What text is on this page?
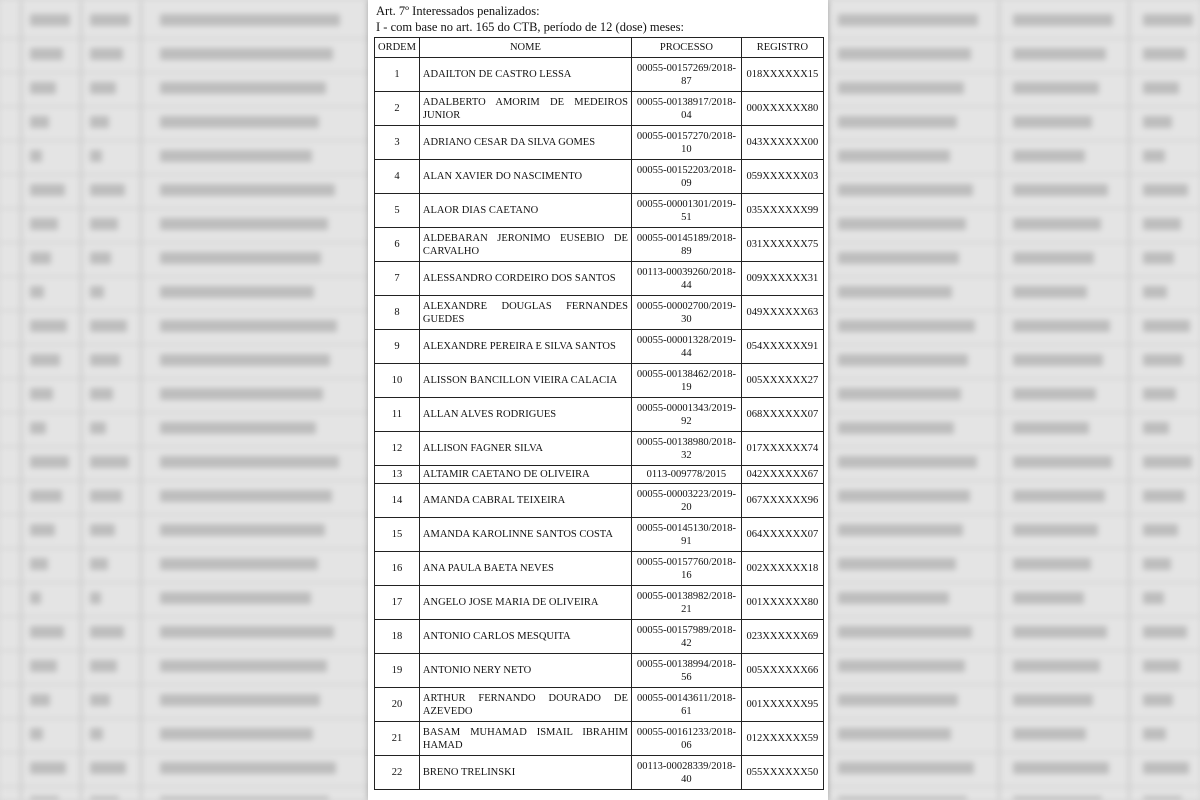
Art. 7º Interessados penalizados:
I - com base no art. 165 do CTB, período de 12 (dose) meses:
ORDEM	NOME	PROCESSO	REGISTRO
1	ADAILTON DE CASTRO LESSA	00055-00157269/2018-87	018XXXXXX15
2	ADALBERTO AMORIM DE MEDEIROS JUNIOR	00055-00138917/2018-04	000XXXXXX80
3	ADRIANO CESAR DA SILVA GOMES	00055-00157270/2018-10	043XXXXXX00
4	ALAN XAVIER DO NASCIMENTO	00055-00152203/2018-09	059XXXXXX03
5	ALAOR DIAS CAETANO	00055-00001301/2019-51	035XXXXXX99
6	ALDEBARAN JERONIMO EUSEBIO DE CARVALHO	00055-00145189/2018-89	031XXXXXX75
7	ALESSANDRO CORDEIRO DOS SANTOS	00113-00039260/2018-44	009XXXXXX31
8	ALEXANDRE DOUGLAS FERNANDES GUEDES	00055-00002700/2019-30	049XXXXXX63
9	ALEXANDRE PEREIRA E SILVA SANTOS	00055-00001328/2019-44	054XXXXXX91
10	ALISSON BANCILLON VIEIRA CALACIA	00055-00138462/2018-19	005XXXXXX27
11	ALLAN ALVES RODRIGUES	00055-00001343/2019-92	068XXXXXX07
12	ALLISON FAGNER SILVA	00055-00138980/2018-32	017XXXXXX74
13	ALTAMIR CAETANO DE OLIVEIRA	0113-009778/2015	042XXXXXX67
14	AMANDA CABRAL TEIXEIRA	00055-00003223/2019-20	067XXXXXX96
15	AMANDA KAROLINNE SANTOS COSTA	00055-00145130/2018-91	064XXXXXX07
16	ANA PAULA BAETA NEVES	00055-00157760/2018-16	002XXXXXX18
17	ANGELO JOSE MARIA DE OLIVEIRA	00055-00138982/2018-21	001XXXXXX80
18	ANTONIO CARLOS MESQUITA	00055-00157989/2018-42	023XXXXXX69
19	ANTONIO NERY NETO	00055-00138994/2018-56	005XXXXXX66
20	ARTHUR FERNANDO DOURADO DE AZEVEDO	00055-00143611/2018-61	001XXXXXX95
21	BASAM MUHAMAD ISMAIL IBRAHIM HAMAD	00055-00161233/2018-06	012XXXXXX59
22	BRENO TRELINSKI	00113-00028339/2018-40	055XXXXXX50
